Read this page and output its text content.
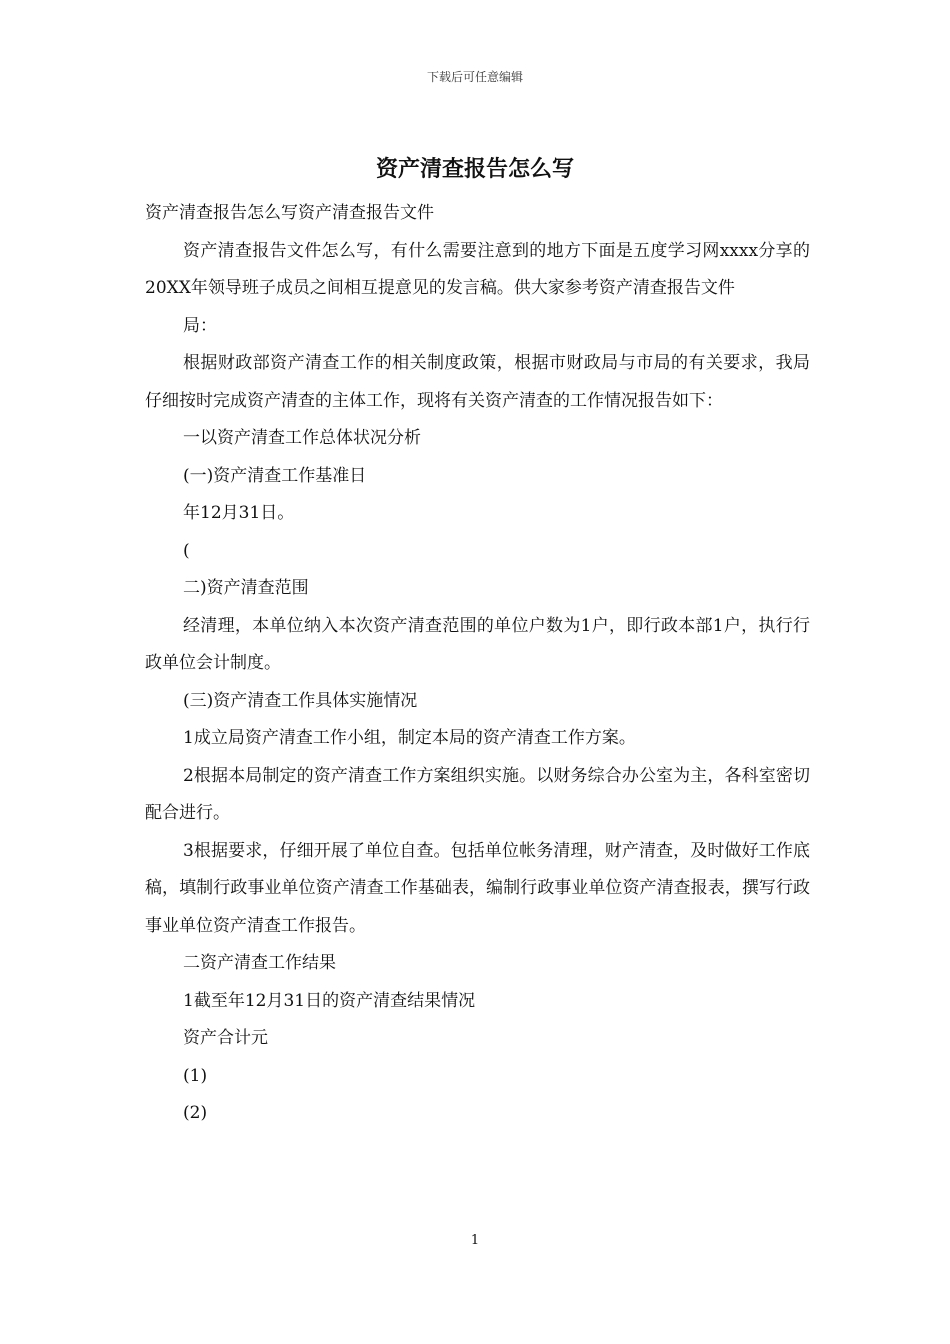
下载后可任意编辑
资产清查报告怎么写

资产清查报告怎么写资产清查报告文件

资产清查报告文件怎么写，有什么需要注意到的地方下面是五度学习网xxxx分享的20XX年领导班子成员之间相互提意见的发言稿。供大家参考资产清查报告文件

局：

根据财政部资产清查工作的相关制度政策，根据市财政局与市局的有关要求，我局仔细按时完成资产清查的主体工作，现将有关资产清查的工作情况报告如下：

一以资产清查工作总体状况分析

(一)资产清查工作基准日

年12月31日。

(

二)资产清查范围

经清理，本单位纳入本次资产清查范围的单位户数为1户，即行政本部1户，执行行政单位会计制度。

(三)资产清查工作具体实施情况

1成立局资产清查工作小组，制定本局的资产清查工作方案。

2根据本局制定的资产清查工作方案组织实施。以财务综合办公室为主，各科室密切配合进行。

3根据要求，仔细开展了单位自查。包括单位帐务清理，财产清查，及时做好工作底稿，填制行政事业单位资产清查工作基础表，编制行政事业单位资产清查报表，撰写行政事业单位资产清查工作报告。

二资产清查工作结果

1截至年12月31日的资产清查结果情况

资产合计元

(1)

(2)

1
